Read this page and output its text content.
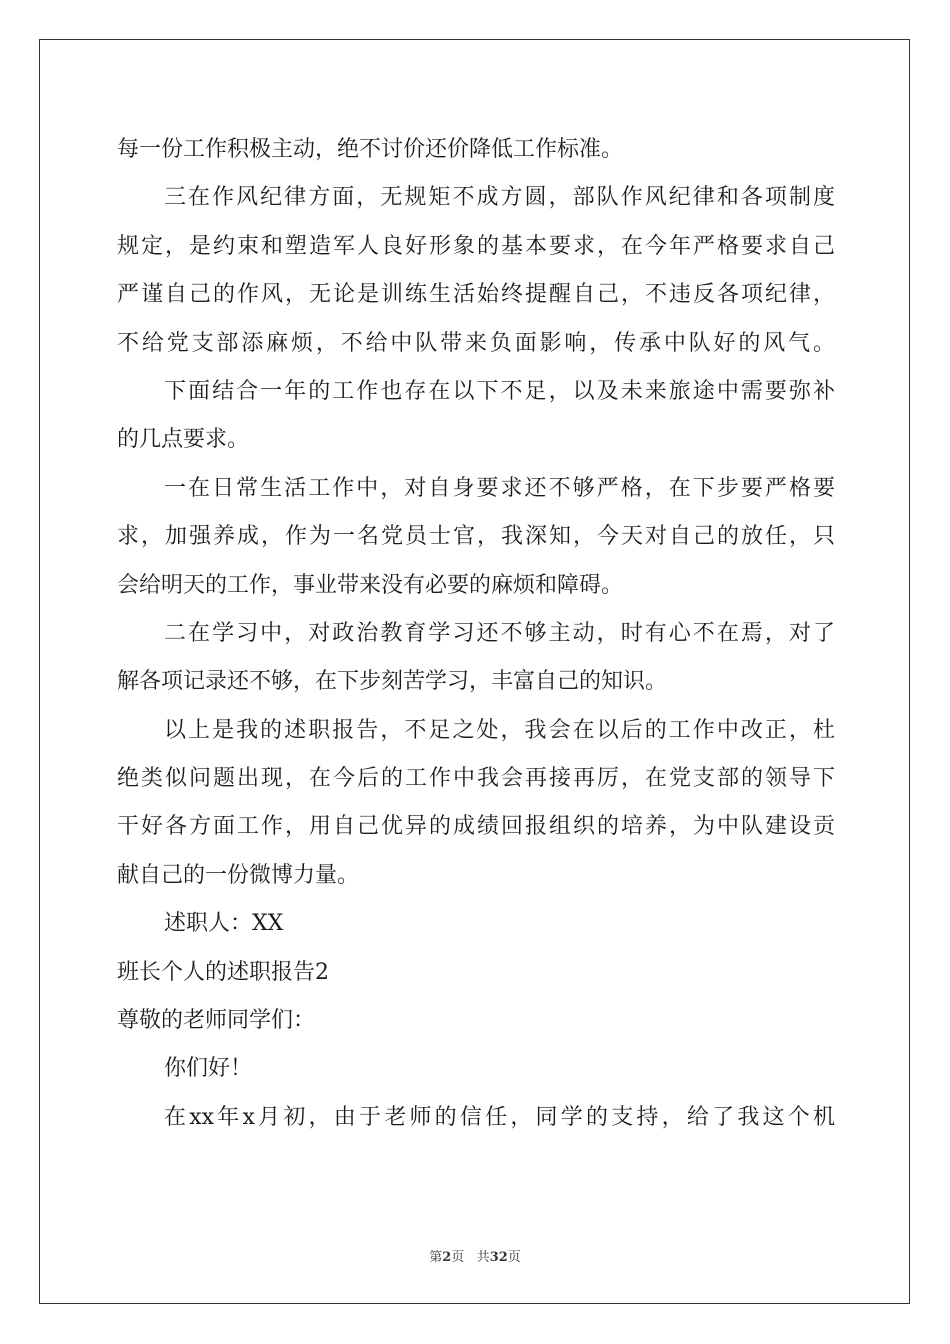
每一份工作积极主动，绝不讨价还价降低工作标准。
三在作风纪律方面，无规矩不成方圆，部队作风纪律和各项制度
规定，是约束和塑造军人良好形象的基本要求，在今年严格要求自己
严谨自己的作风，无论是训练生活始终提醒自己，不违反各项纪律，
不给党支部添麻烦，不给中队带来负面影响，传承中队好的风气。
下面结合一年的工作也存在以下不足，以及未来旅途中需要弥补
的几点要求。
一在日常生活工作中，对自身要求还不够严格，在下步要严格要
求，加强养成，作为一名党员士官，我深知，今天对自己的放任，只
会给明天的工作，事业带来没有必要的麻烦和障碍。
二在学习中，对政治教育学习还不够主动，时有心不在焉，对了
解各项记录还不够，在下步刻苦学习，丰富自己的知识。
以上是我的述职报告，不足之处，我会在以后的工作中改正，杜
绝类似问题出现，在今后的工作中我会再接再厉，在党支部的领导下
干好各方面工作，用自己优异的成绩回报组织的培养，为中队建设贡
献自己的一份微博力量。
述职人：XX
班长个人的述职报告2
尊敬的老师同学们：
你们好！
在xx年x月初，由于老师的信任，同学的支持，给了我这个机
第2页 共32页
